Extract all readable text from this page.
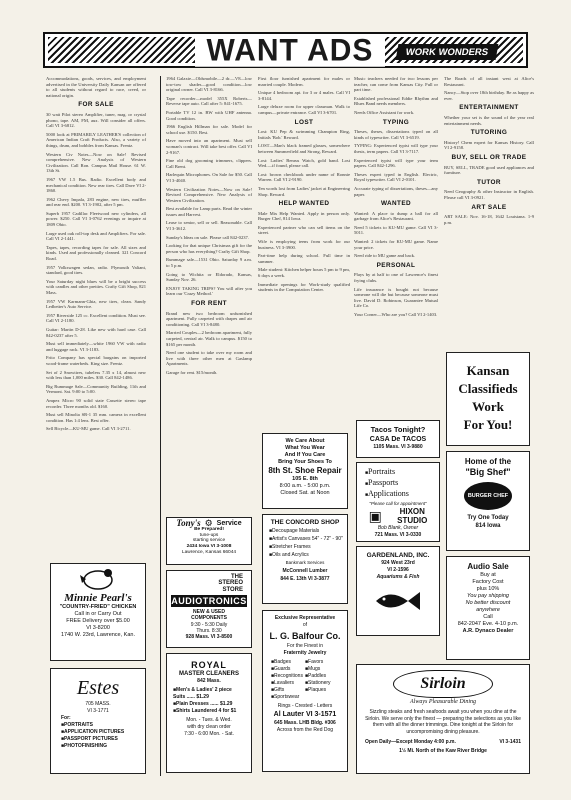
WANT ADS	WORK WONDERS

Accommodations, goods, services, and employment advertised in the University Daily Kansan are offered to all students without regard to race, creed, or national origin.

FOR SALE

30 watt Pilot stereo Amplifier, tuner, mag. or crystal phono, tape. AM, FM, aux. Will consider all offers. Call VI 3-6812.

5000 look at PRIMARILY LEATHER'S collection of American Indian Craft Products. Also, a variety of things, drum, and bobbles from Kansas. Frentz.

Western Civ Notes—Now on Sale! Revised comprehensive. New Analysis of Western Civilization. Call Ron. Campus Mail House. 61 W. 13th St.

1967 VW 1.5 Bus. Radio. Excellent body and mechanical condition. New rear tires. Call Dave VI 2-1860.

1962 Chevy Impala, 283 engine, new tires, muffler and rear end. $200. VI 3-1902, after 5 pm.

Superb 1957 Cadillac Fleetwood new cylinders, all power. $250. Call VI 3-0762 evenings or inquire at 1809 Ohio.

Large used oak roll-top desk and Amplifiers. For sale. Call VI 2-1441.

Tapes, tapes, recording tapes for sale. All sizes and kinds. Used and professionally cleaned. 321 Concord Road.

1957 Volkswagen sedan, radio. Plymouth Valiant, standard, good tires.

Your Saturday night blues will be a bright success with candles and other pretties. Crafty Gift Shop, 821 Mass.

1957 VW Karmann-Ghia, new tires, clean. Sandy Ledbetter's Auto Service.

1957 Riverside 125 cc. Excellent condition. Must see. Call VI 2-1180.

Guitar: Martin D-28. Like new with hard case. Call 842-0237 after 5.

Must sell immediately—white 1960 VW with radio and luggage rack. VI 3-1183.

Frito Company has special bargains on imported wood-frame waterbeds. King size. Frentz.

Set of 2 Snowtires, tubeless 7.35 x 14, almost new with less than 1,000 miles. $30. Call 842-1486.

Big Rummage Sale—Community Building, 11th and Vermont. Sat. 9:00 to 5:00.

Ampex Micro 90 solid state Cassette stereo tape recorder. Three months old. $160.

Must sell Minolta SR-1 35 mm. camera in excellent condition. Has 1:4 lens. Best offer.

Sell Bicycle—KU-MU game. Call VI 3-2711.

Minnie Pearl's
"COUNTRY-FRIED" CHICKEN
Call in or Carry Out
FREE Delivery over $5.00
VI 3-8200
1740 W. 23rd, Lawrence, Kan.
Estes
705 MASS.
VI 3-1771
For:
■ PORTRAITS
■ APPLICATION PICTURES
■ PASSPORT PICTURES
■ PHOTOFINISHING

1964 Galaxie—Oldsmobile—2 dr.—V8—low tow-tow shades—good condition—low original owner. Call VI 3-8166.

Tape recorder—model 355X Roberts—Reverse tape auto. Call after 5: 841-1675.

Portable TV 12 in. BW with UHF antenna. Good condition.

1966 English Hillman for sale. Model for school use. $150. Best.

Have moved into an apartment. Must sell woman's contract. Will take best offer. Call VI 2-9167.

Fine old dog grooming trimmers, clippers. Call Brent.

Harlequin Microphones. On Sale for $50. Call VI 3-4040.

Western Civilization Notes—Now on Sale! Revised Comprehensive. New Analysis of Western Civilization.

Best available for Lamp parts. Read the winter issues and Harvest.

Lease to senior, sell or sell. Reasonable. Call VI 3-3612.

Sunday's Ideas on sale. Please call 842-0237.

Looking for that unique Christmas gift for the person who has everything? Crafty Gift Shop.

Rummage sale—1531 Ohio. Saturday 9 a.m. to 5 p.m.

Going to Wichita or Eldorado, Kansas, Sunday Nov. 26.

ENJOY TAKING TRIPS? You will after you learn our 'Crazy Method.'

FOR RENT

Brand new two bedroom unfurnished apartment. Fully carpeted with drapes and air conditioning. Call VI 3-8480.

Married Couples—2 bedroom apartment, fully carpeted, central air. Walk to campus. $150 to $165 per month.

Need one student to take over my room and live with three other men at Gaslamp Apartments.

Garage for rent. $15/month.

Tony's ⚙ Service
Be Prepared!
tune-ups
starting service
2434 Iowa VI 3-1008
Lawrence, Kansas 66044
THE
STEREO
STORE
AUDIOTRONICS
NEW & USED
COMPONENTS
9:30 - 5:30 Daily
Thurs. 8:30
928 Mass. VI 3-8500
ROYAL
MASTER CLEANERS
842 Mass.
■ Men's & Ladies' 2 piece Suits ...... $1.29
■ Plain Dresses ...... $1.29
■ Shirts Laundered 4 for $1
Mon. - Tues. & Wed.
with dry clean order
7:30 - 6:00 Mon. - Sat.

First floor furnished apartment for males or married couple. Modern.

Unique 4 bedroom apt. for 3 or 4 males. Call VI 3-8144.

Large deluxe room for upper classman. Walk to campus—private entrance. Call VI 3-6701.

LOST

Lost: KU Pep & swimming Champion Ring, Initials 'Bob.' Reward.

LOST—Man's black framed glasses, somewhere between Summerfield and Strong, Reward.

Lost: Ladies' Benrus Watch, gold band. Lost Wed.—if found, please call.

Lost: brown checkbook under name of Ronnie Warren. Call VI 2-9190.

Ten words lost from Ladies' jacket at Engineering Shop. Reward.

HELP WANTED

Male Mix Help Wanted. Apply in person only. Burger Chef, 814 Iowa.

Experienced partner who can sell items on the street.

Wife is employing teens from work for our business. VI 3-3900.

Part-time help during school. Full time in summer.

Male student: Kitchen helper hours 5 pm to 9 pm, 6 days a week.

Immediate openings for Work-study qualified students in the Computation Center.

We Care About
What You Wear
And If You Care
Bring Your Shoes To
8th St. Shoe Repair
105 E. 8th
8:00 a.m. - 5:00 p.m.
Closed Sat. at Noon
THE CONCORD SHOP
■ Decoupage Materials
■ Artist's Canvases 54" - 72" - 90"
■ Stretcher Frames
■ Oils and Acrylics
Bankmark Services
McConnell Lumber
844 E. 13th VI 3-3877
Exclusive Representative
of
L. G. Balfour Co.
For the Finest in
Fraternity Jewelry
■ Badges	■ Favors
■ Guards	■ Mugs
■ Recognitions	■ Paddles
■ Lavaliers	■ Stationery
■ Gifts	■ Plaques
■ Sportswear
Rings - Crested - Letters
Al Lauter VI 3-1571
645 Mass. LHB Bldg. #306
Across from the Red Dog

Music teachers needed for two lessons per teacher, can come from Kansas City. Full or part time.

Established professional Eddie Rhythm and Blues Band needs members.

Needs Office Assistant for work.

TYPING

Theses, theses, dissertations typed on all kinds of typewriter. Call VI 3-6519.

TYPING: Experienced typist will type your thesis, term papers. Call VI 3-7117.

Experienced typist will type your term papers. Call 842-1296.

Theses expert typed in English. Electric, Royal typewriter. Call VI 2-0101.

Accurate typing of dissertations, theses—any paper.

WANTED

Wanted: A place to dump a ball for all garbage from Alice's Restaurant.

Need 5 tickets to KU-MU game. Call VI 3-5011.

Wanted: 2 tickets for KU-MU game. Name your price.

Need ride to MU game and back.

PERSONAL

Plays by at half to one of Lawrence's finest frying clubs.

Life insurance is bought not because someone will die but because someone must live. David D. Robinson, Guarantee Mutual Life Co.

Your Corner—Who are you? Call VI 2-1403.

Tacos Tonight?
CASA De TACOS
1105 Mass. VI 3-9880
■ Portraits
■ Passports
■ Applications
"Please call for appointment"
▣	HIXON
STUDIO
Bob Blank, Owner
721 Mass. VI 3-0330
GARDENLAND, INC.
924 West 23rd
VI 2-1596
Aquariums & Fish

The Roads of all instant west at Alice's Restaurant.

Nancy—Stop over 18th birthday. Be as happy as ever.

ENTERTAINMENT

Whether your set is the sound of the year real entertainment needs.

TUTORING

History! Chem expert for Kansas History. Call VI 2-9158.

BUY, SELL OR TRADE

BUY, SELL, TRADE good used appliances and furniture.

TUTOR

Need Geography & other Instructor in English. Please call VI 3-0921.

ART SALE

ART SALE: Nov. 16-18, 1642 Louisiana. 1-9 p.m.

Kansan
Classifieds
Work
For You!
Home of the
"Big Shef"
BURGER CHEF
Try One Today
814 Iowa
Audio Sale
Buy at
Factory Cost
plus 10%
You pay shipping
No better discount
anywhere
Call
842-2047 Eve. 4-10 p.m.
A.R. Dynaco Dealer
Sirloin
Always Pleasurable Dining
Sizzling steaks and fresh seafoods await you when you dine at the Sirloin. We serve only the finest — preparing the selections as you like them with all the dinner trimmings. Dine tonight at the Sirloin for uncompromising dining pleasure.
Open Daily—Except Monday 4:00 p.m.	VI 3-1431
1½ Mi. North of the Kaw River Bridge
